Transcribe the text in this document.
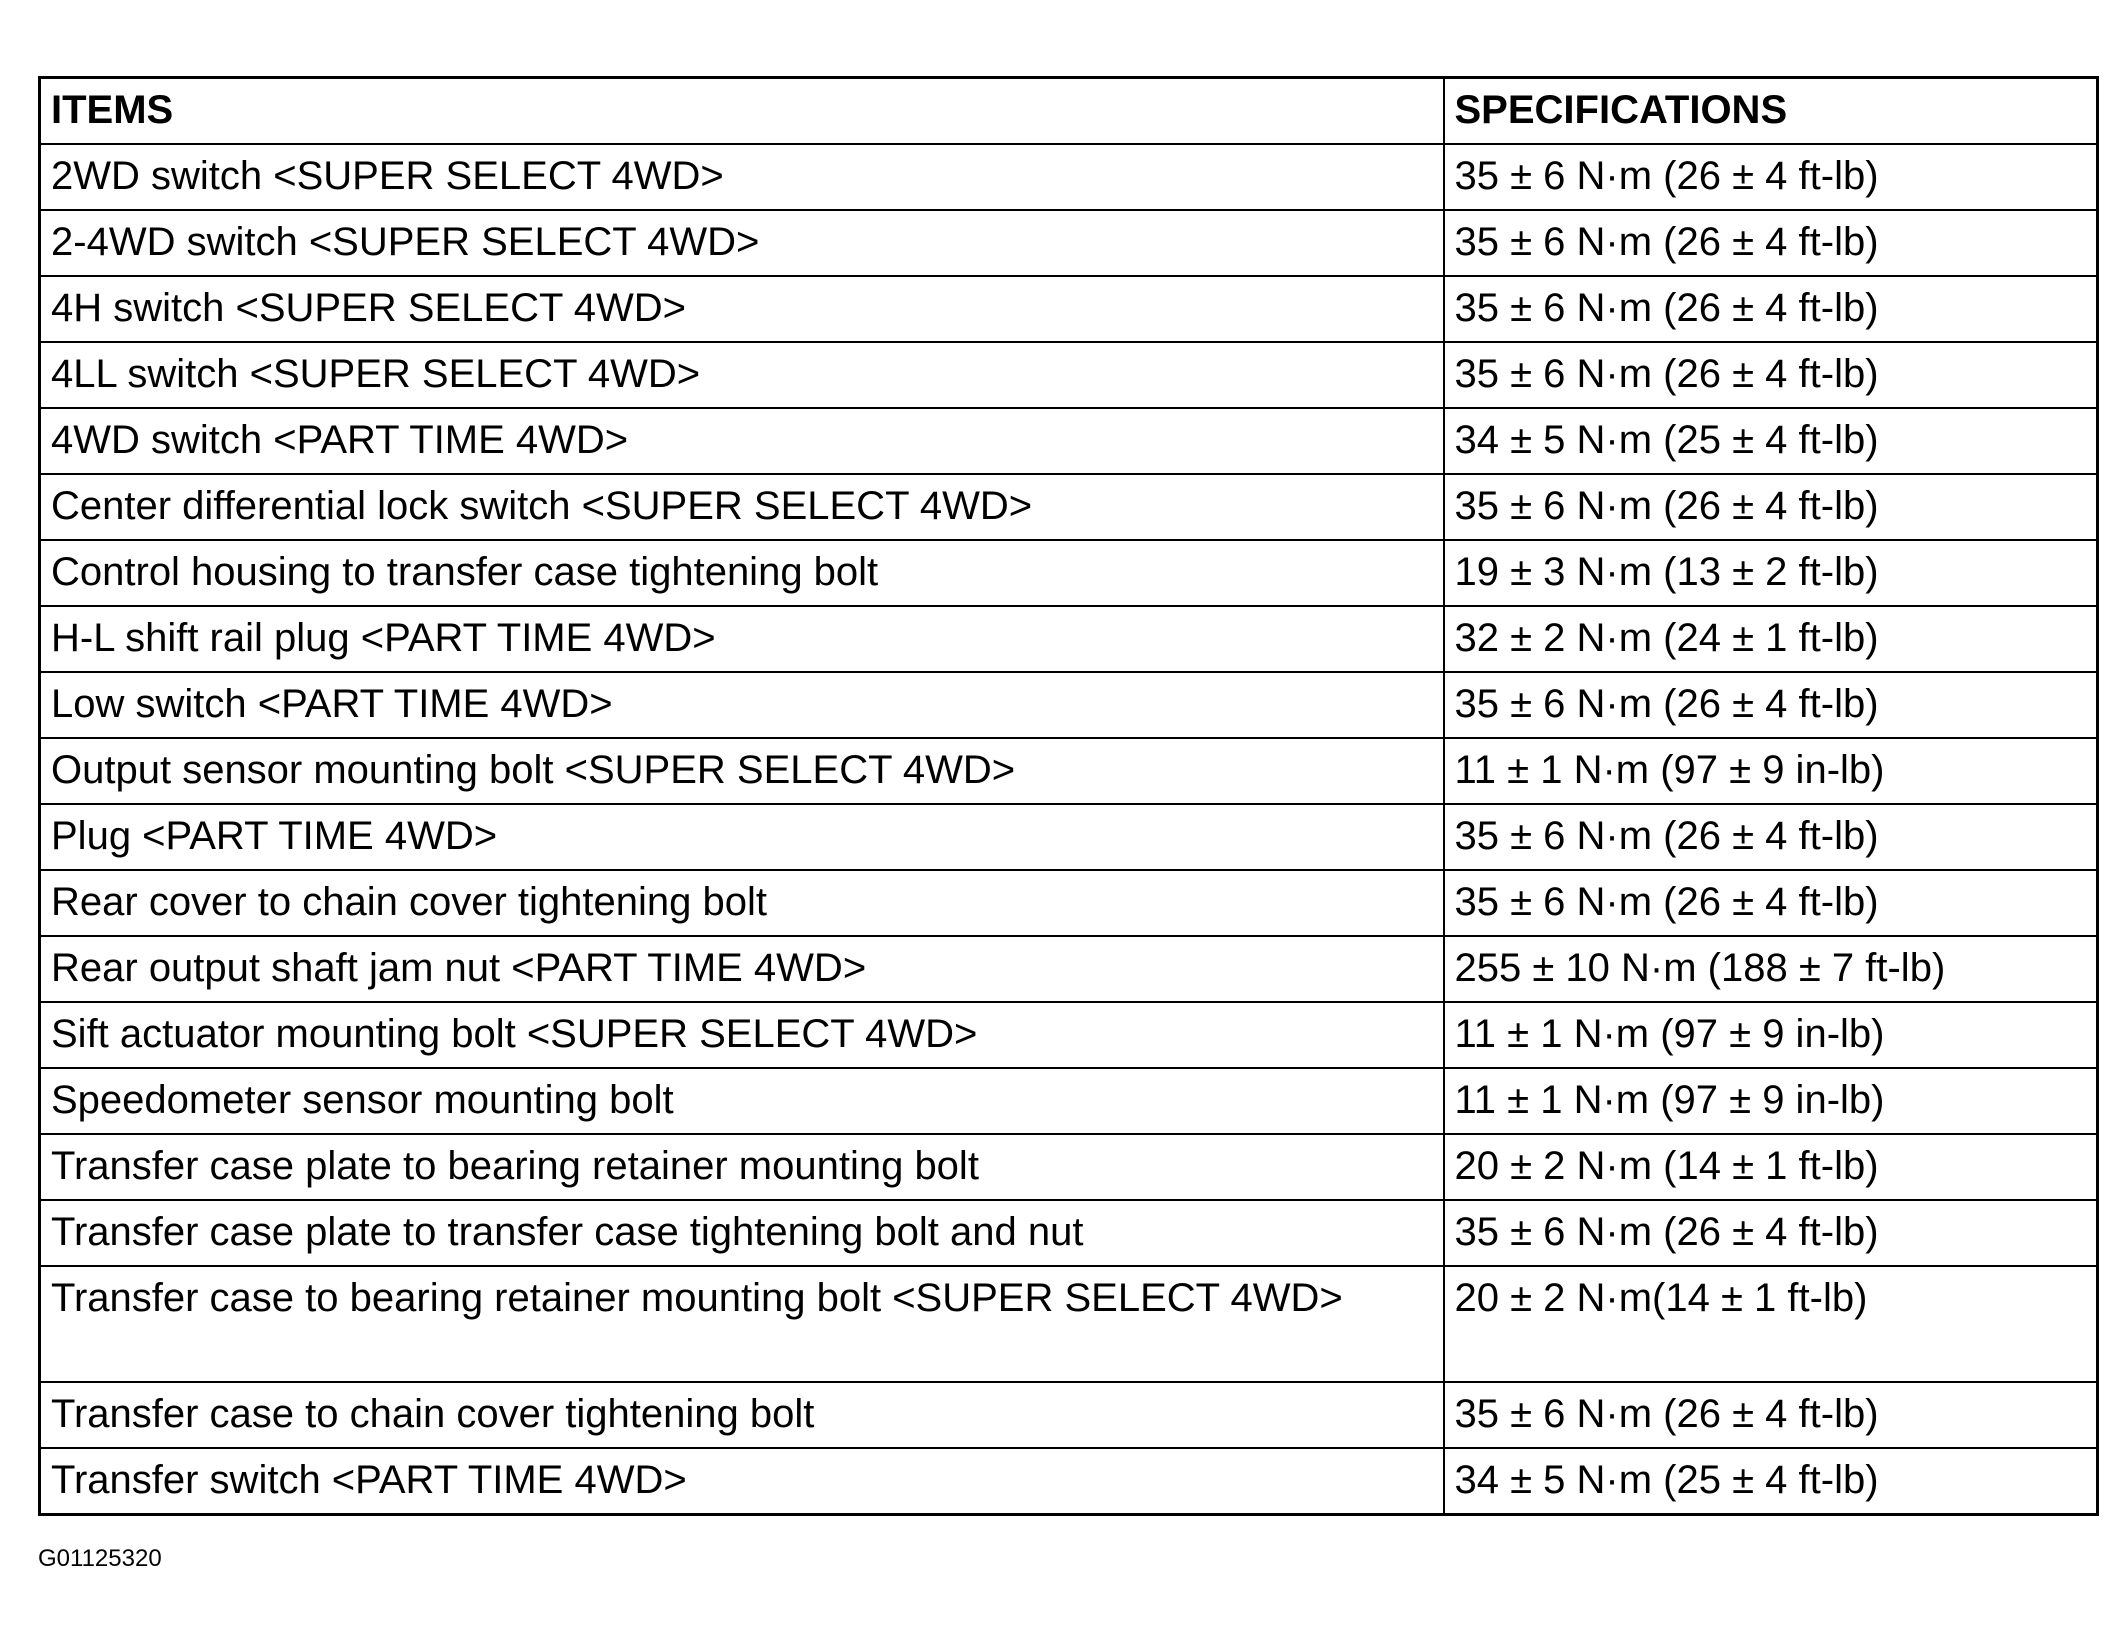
ITEMS	SPECIFICATIONS
2WD switch <SUPER SELECT 4WD>	35 ± 6 N·m (26 ± 4 ft-lb)
2-4WD switch <SUPER SELECT 4WD>	35 ± 6 N·m (26 ± 4 ft-lb)
4H switch <SUPER SELECT 4WD>	35 ± 6 N·m (26 ± 4 ft-lb)
4LL switch <SUPER SELECT 4WD>	35 ± 6 N·m (26 ± 4 ft-lb)
4WD switch <PART TIME 4WD>	34 ± 5 N·m (25 ± 4 ft-lb)
Center differential lock switch <SUPER SELECT 4WD>	35 ± 6 N·m (26 ± 4 ft-lb)
Control housing to transfer case tightening bolt	19 ± 3 N·m (13 ± 2 ft-lb)
H-L shift rail plug <PART TIME 4WD>	32 ± 2 N·m (24 ± 1 ft-lb)
Low switch <PART TIME 4WD>	35 ± 6 N·m (26 ± 4 ft-lb)
Output sensor mounting bolt <SUPER SELECT 4WD>	11 ± 1 N·m (97 ± 9 in-lb)
Plug <PART TIME 4WD>	35 ± 6 N·m (26 ± 4 ft-lb)
Rear cover to chain cover tightening bolt	35 ± 6 N·m (26 ± 4 ft-lb)
Rear output shaft jam nut <PART TIME 4WD>	255 ± 10 N·m (188 ± 7 ft-lb)
Sift actuator mounting bolt <SUPER SELECT 4WD>	11 ± 1 N·m (97 ± 9 in-lb)
Speedometer sensor mounting bolt	11 ± 1 N·m (97 ± 9 in-lb)
Transfer case plate to bearing retainer mounting bolt	20 ± 2 N·m (14 ± 1 ft-lb)
Transfer case plate to transfer case tightening bolt and nut	35 ± 6 N·m (26 ± 4 ft-lb)
Transfer case to bearing retainer mounting bolt <SUPER SELECT 4WD>	20 ± 2 N·m(14 ± 1 ft-lb)
Transfer case to chain cover tightening bolt	35 ± 6 N·m (26 ± 4 ft-lb)
Transfer switch <PART TIME 4WD>	34 ± 5 N·m (25 ± 4 ft-lb)
G01125320
